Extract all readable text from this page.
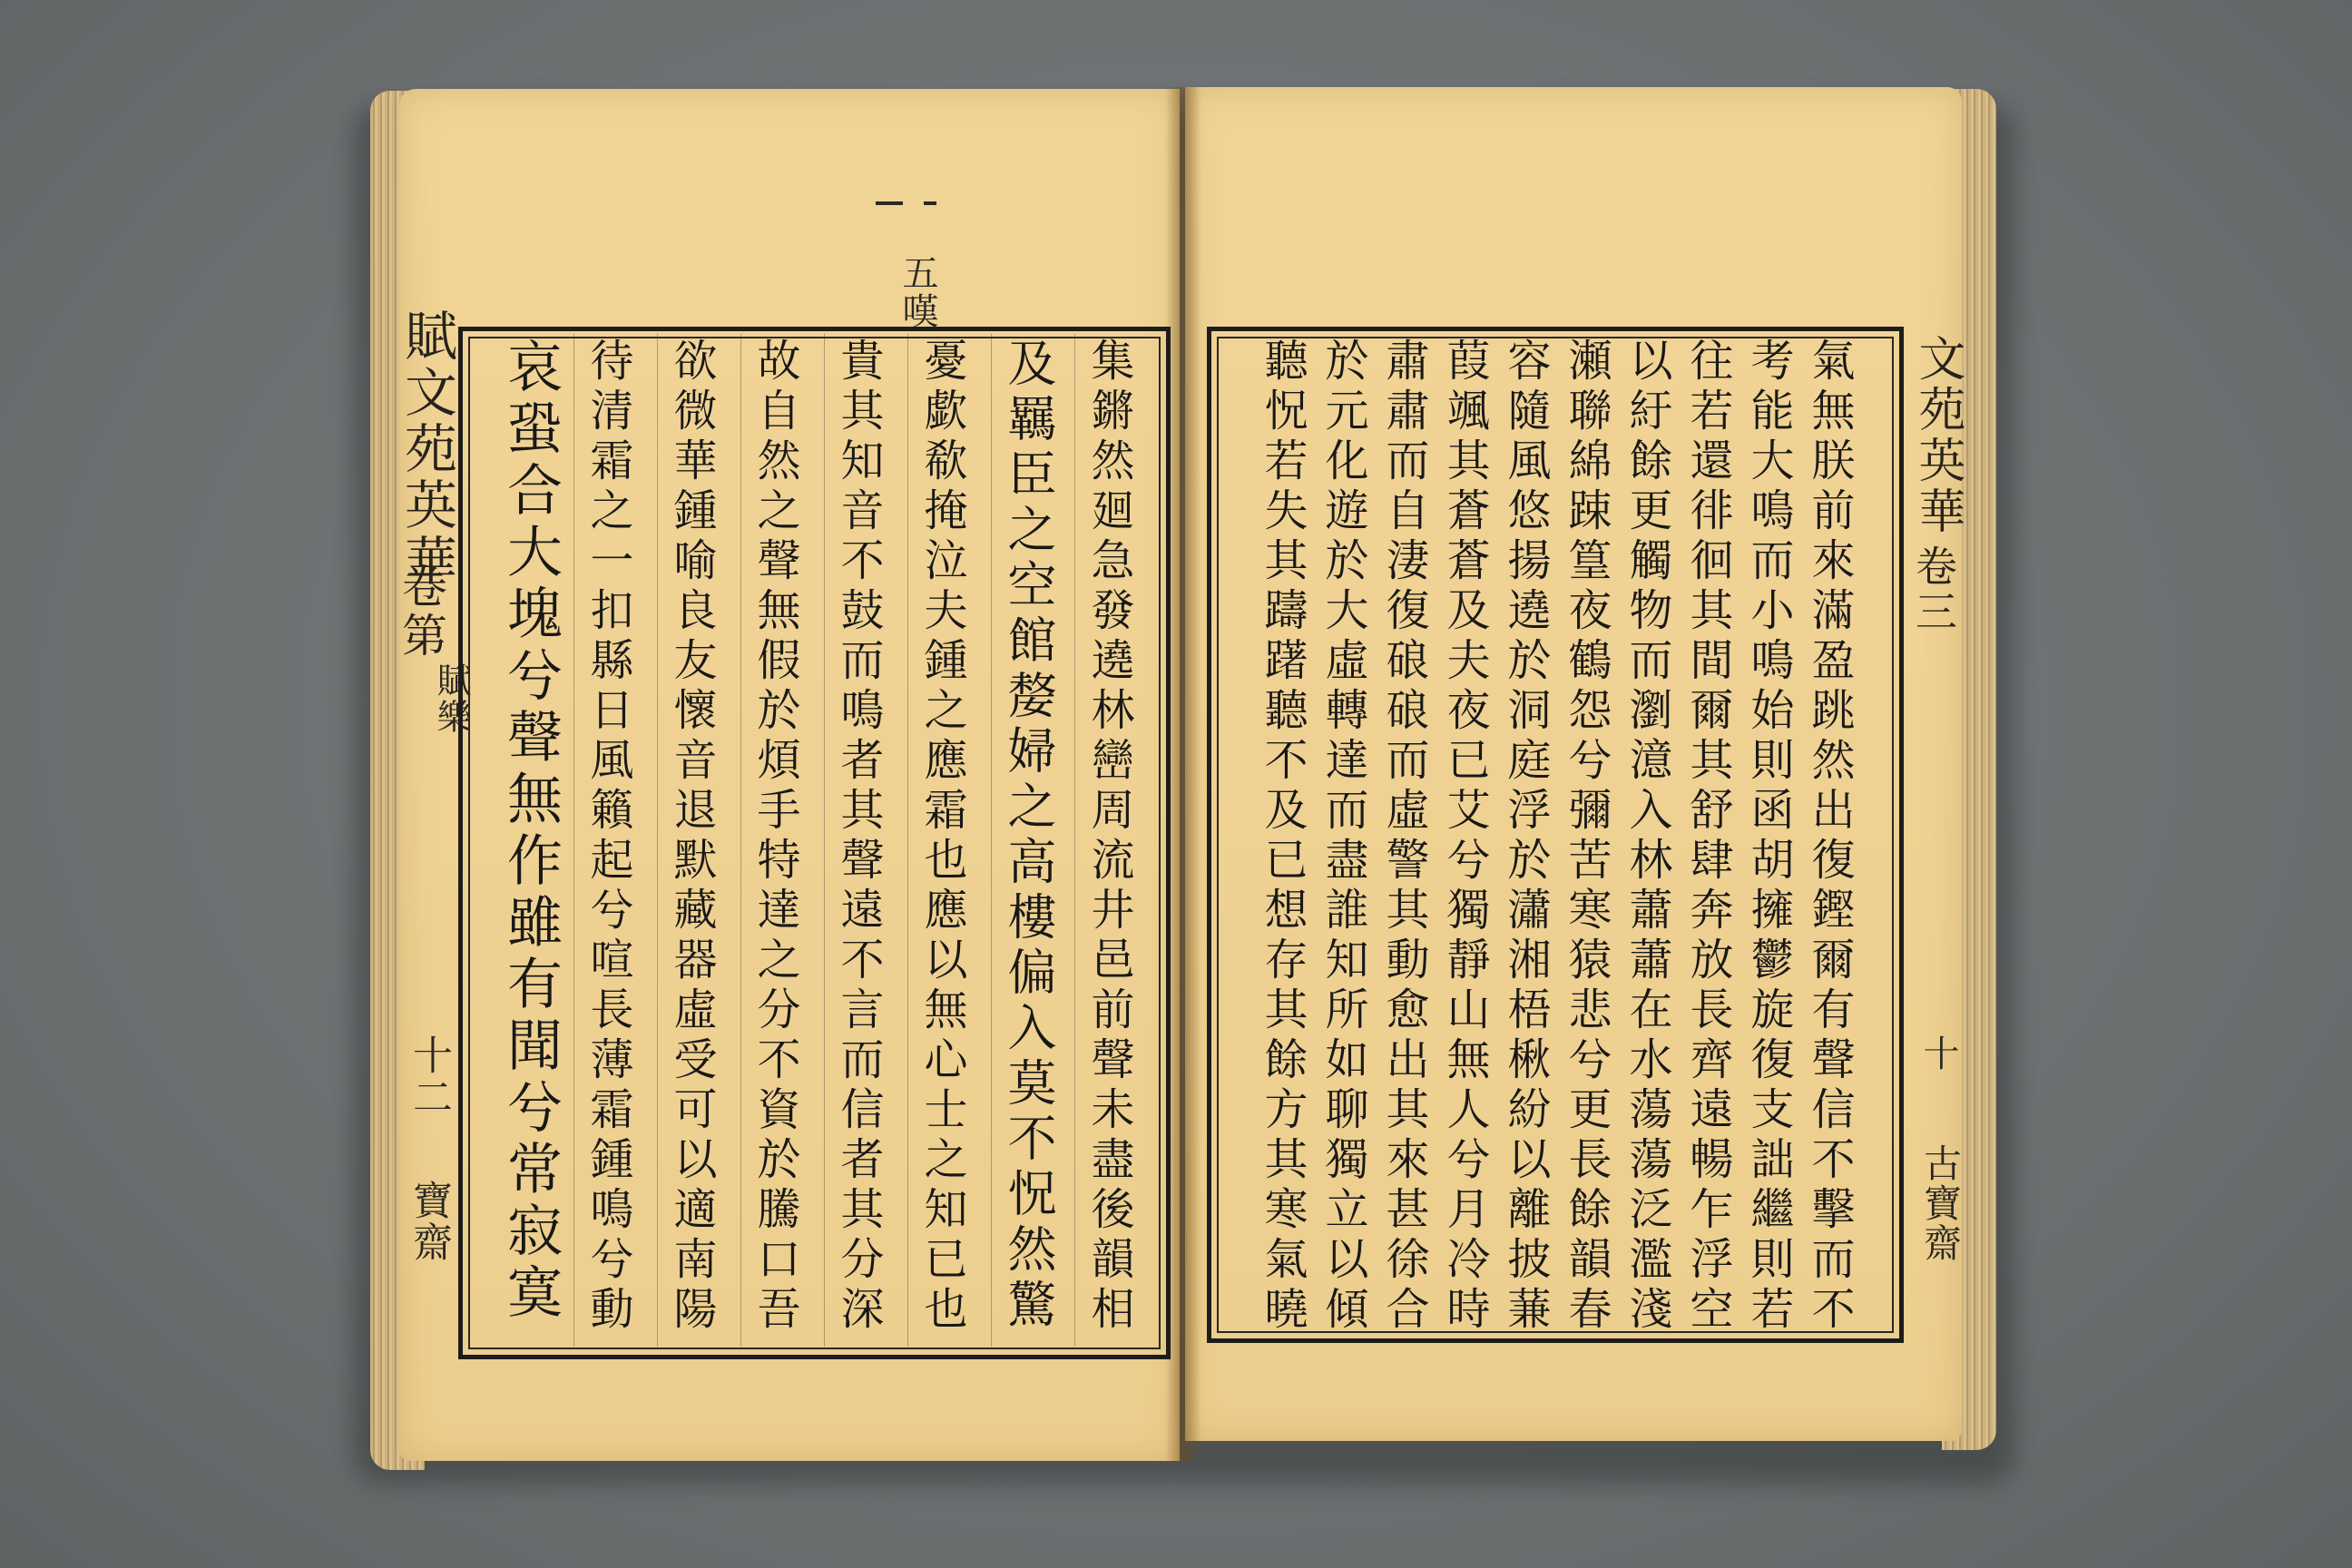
賦文苑英華
卷第
賦樂
十二
寶齋
五嘆
集鏘然廻急發遶林巒周流井邑前聲未盡後韻相
及羈臣之空館嫠婦之高樓偏入莫不怳然驚
憂歔欷掩泣夫鍾之應霜也應以無心士之知已也
貴其知音不鼓而鳴者其聲遠不言而信者其分深
故自然之聲無假於煩手特達之分不資於騰口吾
欲微華鍾喻良友懷音退默藏器虛受可以適南陽
待清霜之一扣縣日風籟起兮喧長薄霜鍾鳴兮動
哀蛩合大塊兮聲無作雖有聞兮常寂寞	氣無朕前來滿盈跳然出復鏗爾有聲信不擊而不
考能大鳴而小鳴始則函胡擁鬱旋復支詘繼則若
往若還徘徊其間爾其舒肆奔放長齊遠暢乍浮空
以紆餘更觸物而瀏澺入林蕭蕭在水蕩蕩泛濫淺
瀬聯綿踈篁夜鶴怨兮彌苦寒猿悲兮更長餘韻春
容隨風悠揚遶於洞庭浮於瀟湘梧楸紛以離披蒹
葭颯其蒼蒼及夫夜已艾兮獨靜山無人兮月冷時
肅肅而自淒復硠硠而虛警其動愈出其來甚徐合
於元化遊於大虛轉達而盡誰知所如聊獨立以傾
聽怳若失其躊躇聽不及已想存其餘方其寒氣曉	文苑英華
卷三
十
古寶齋
